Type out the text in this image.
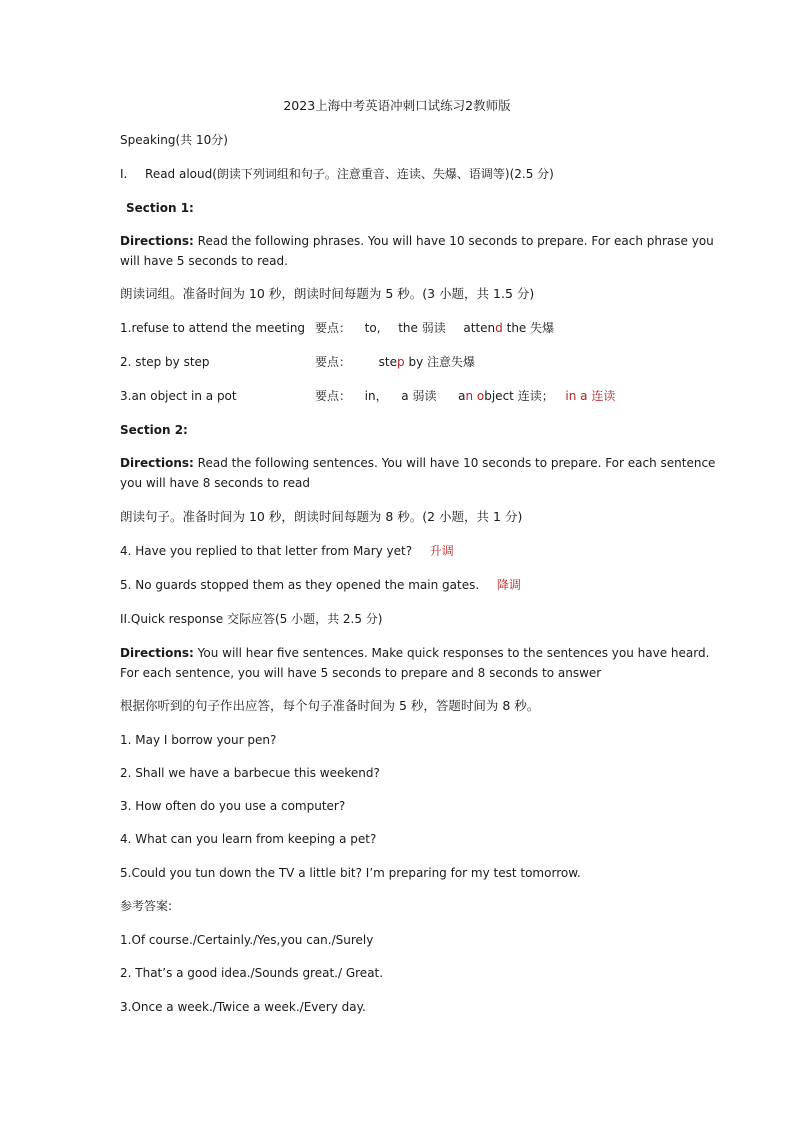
2023上海中考英语冲刺口试练习2教师版
Speaking(共 10分)
I. Read aloud(朗读下列词组和句子。注意重音、连读、失爆、语调等)(2.5 分)
Section 1:
Directions: Read the following phrases. You will have 10 seconds to prepare. For each phrase you
will have 5 seconds to read.
朗读词组。准备时间为 10 秒，朗读时间每题为 5 秒。(3 小题，共 1.5 分)
1.refuse to attend the meeting 要点： to, the 弱读 attend the 失爆
2. step by step	要点： step by 注意失爆
3.an object in a pot	要点： in， a 弱读 an object 连读； in a 连读
Section 2:
Directions: Read the following sentences. You will have 10 seconds to prepare. For each sentence
you will have 8 seconds to read
朗读句子。准备时间为 10 秒，朗读时间每题为 8 秒。(2 小题，共 1 分)
4. Have you replied to that letter from Mary yet? 升调
5. No guards stopped them as they opened the main gates. 降调
II.Quick response 交际应答(5 小题，共 2.5 分)
Directions: You will hear five sentences. Make quick responses to the sentences you have heard.
For each sentence, you will have 5 seconds to prepare and 8 seconds to answer
根据你听到的句子作出应答，每个句子准备时间为 5 秒，答题时间为 8 秒。
1. May I borrow your pen?
2. Shall we have a barbecue this weekend?
3. How often do you use a computer?
4. What can you learn from keeping a pet?
5.Could you tun down the TV a little bit? I’m preparing for my test tomorrow.
参考答案:
1.Of course./Certainly./Yes,you can./Surely
2. That’s a good idea./Sounds great./ Great.
3.Once a week./Twice a week./Every day.
